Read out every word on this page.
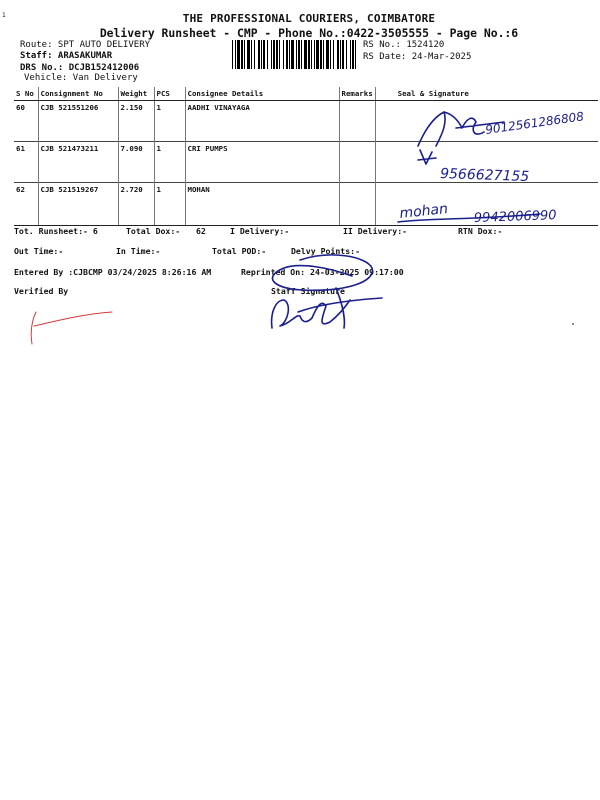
1	THE PROFESSIONAL COURIERS, COIMBATORE
Delivery Runsheet - CMP - Phone No.:0422-3505555 - Page No.:6
Route: SPT AUTO DELIVERY
Staff: ARASAKUMAR
DRS No.: DCJB152412006
Vehicle: Van Delivery
RS No.: 1524120
RS Date: 24-Mar-2025
S No	Consignment No	Weight	PCS	Consignee Details	Remarks	Seal & Signature
60	CJB 521551206	2.150	1	AADHI VINAYAGA		
61	CJB 521473211	7.090	1	CRI PUMPS		
62	CJB 521519267	2.720	1	MOHAN		
Tot. Runsheet:- 6	Total Dox:- 62	I Delivery:-	II Delivery:-	RTN Dox:-
Out Time:-	In Time:-	Total POD:-	Delvy Points:-
Entered By :CJBCMP 03/24/2025 8:26:16 AM	Reprinted On: 24-03-2025 09:17:00
Verified By	Staff Signature
9012561286808
9566627155
mohan 9942006990
